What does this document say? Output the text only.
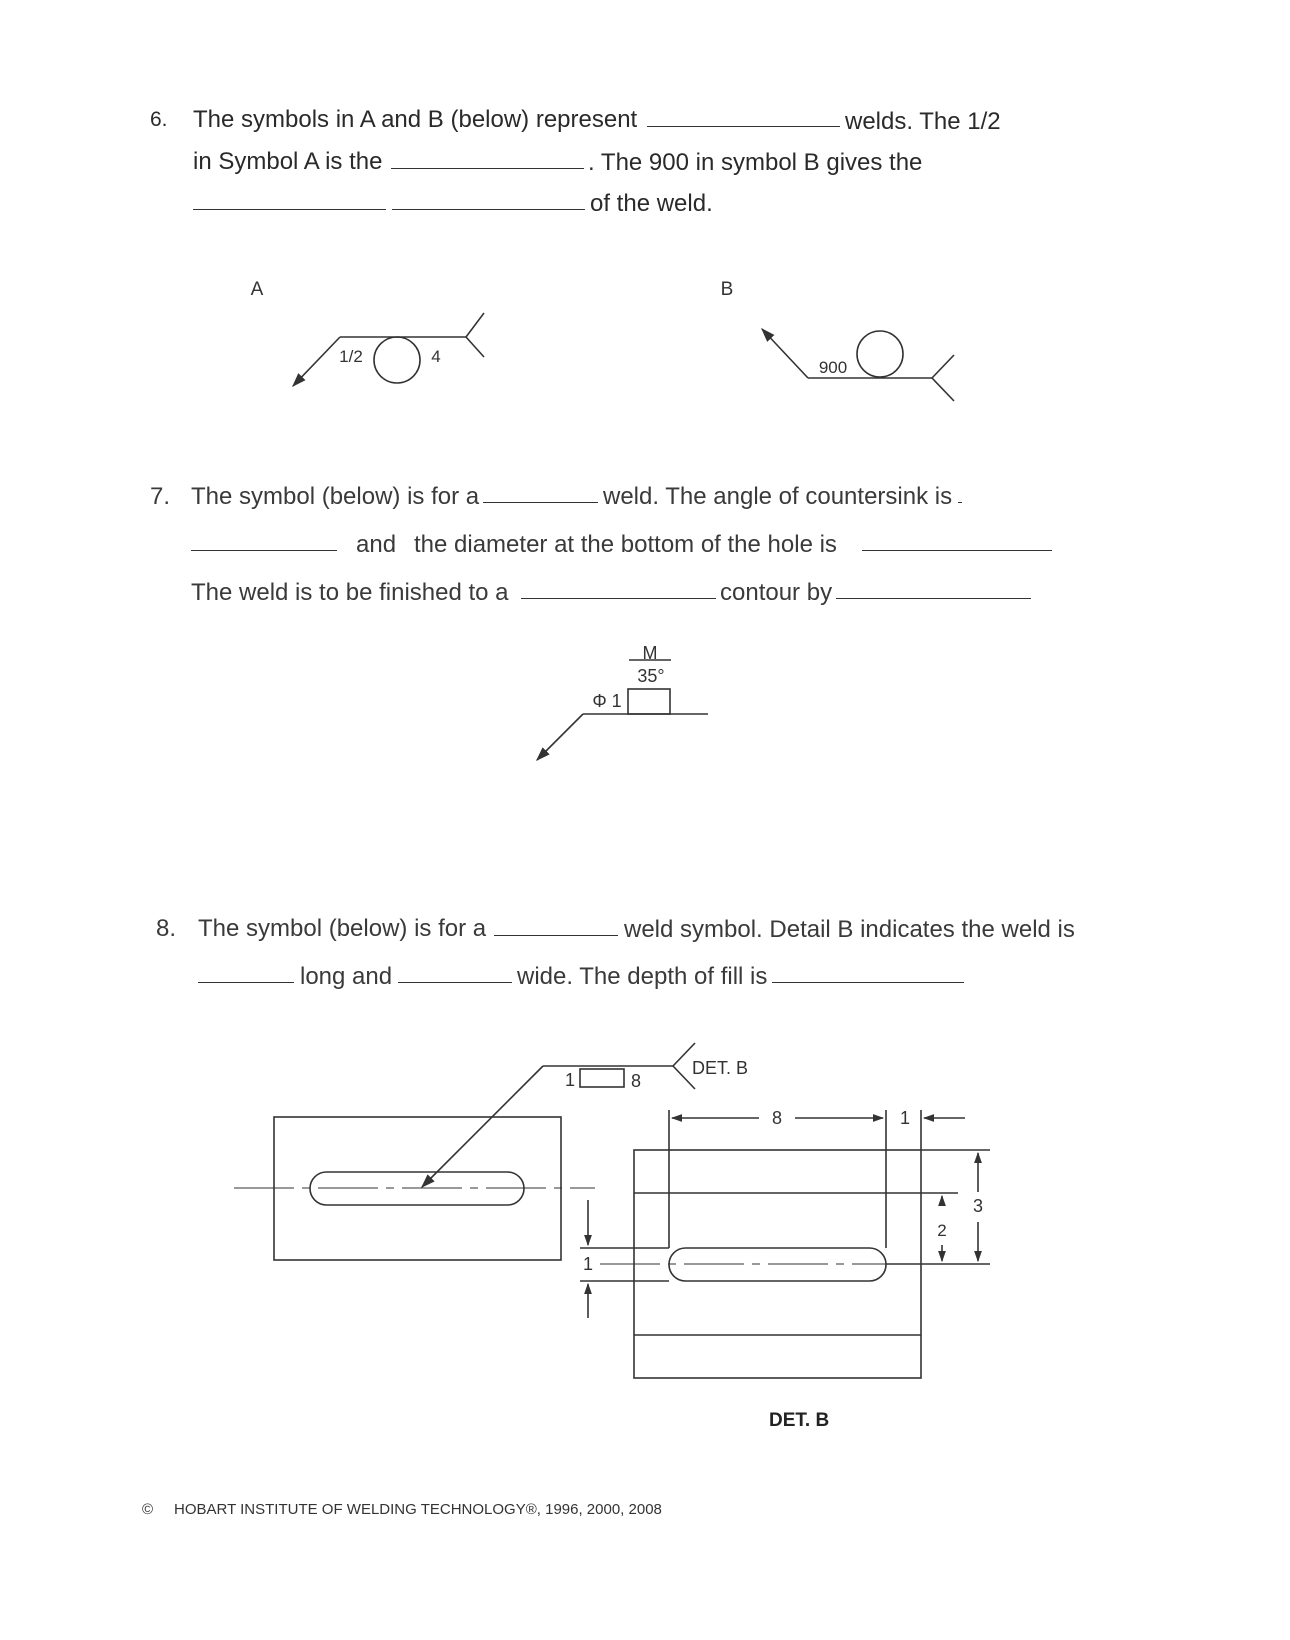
6. The symbols in A and B (below) represent	welds. The 1/2
in Symbol A is the	. The 900 in symbol B gives the
of the weld.
7. The symbol (below) is for a	weld. The angle of countersink is
and the diameter at the bottom of the hole is
The weld is to be finished to a	contour by
8. The symbol (below) is for a	weld symbol. Detail B indicates the weld is
long and	wide. The depth of fill is
A
1/2	4
B
900
M
35°
Φ 1
1	8
DET. B
8	1
3
2
1
DET. B
© HOBART INSTITUTE OF WELDING TECHNOLOGY®, 1996, 2000, 2008
